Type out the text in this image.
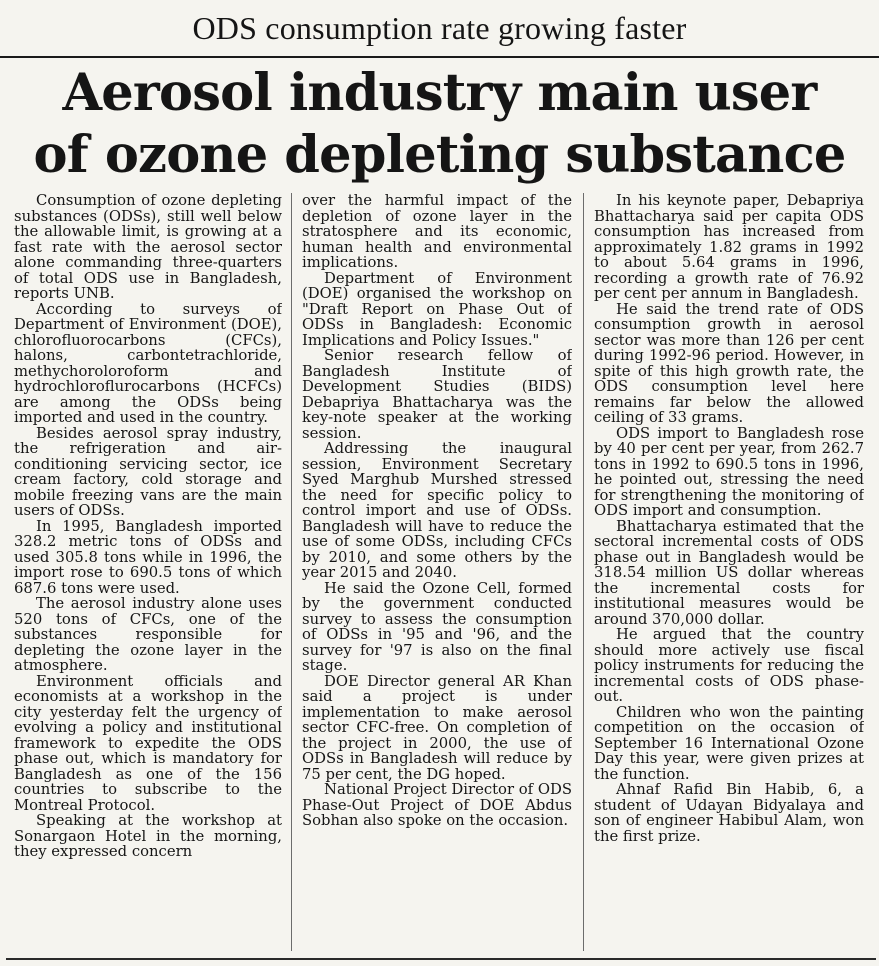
ODS consumption rate growing faster
Aerosol industry main user
of ozone depleting substance

Consumption of ozone depleting substances (ODSs), still well below the allowable limit, is growing at a fast rate with the aerosol sector alone commanding three-quarters of total ODS use in Bangladesh, reports UNB.

According to surveys of Department of Environment (DOE), chlorofluorocarbons (CFCs), halons, carbontetrachloride, methychoroloroform and hydrochloroflurocarbons (HCFCs) are among the ODSs being imported and used in the country.

Besides aerosol spray industry, the refrigeration and air-conditioning servicing sector, ice cream factory, cold storage and mobile freezing vans are the main users of ODSs.

In 1995, Bangladesh imported 328.2 metric tons of ODSs and used 305.8 tons while in 1996, the import rose to 690.5 tons of which 687.6 tons were used.

The aerosol industry alone uses 520 tons of CFCs, one of the substances responsible for depleting the ozone layer in the atmosphere.

Environment officials and economists at a workshop in the city yesterday felt the urgency of evolving a policy and institutional framework to expedite the ODS phase out, which is mandatory for Bangladesh as one of the 156 countries to subscribe to the Montreal Protocol.

Speaking at the workshop at Sonargaon Hotel in the morning, they expressed concern

over the harmful impact of the depletion of ozone layer in the stratosphere and its economic, human health and environmental implications.

Department of Environment (DOE) organised the workshop on "Draft Report on Phase Out of ODSs in Bangladesh: Economic Implications and Policy Issues."

Senior research fellow of Bangladesh Institute of Development Studies (BIDS) Debapriya Bhattacharya was the key-note speaker at the working session.

Addressing the inaugural session, Environment Secretary Syed Marghub Murshed stressed the need for specific policy to control import and use of ODSs. Bangladesh will have to reduce the use of some ODSs, including CFCs by 2010, and some others by the year 2015 and 2040.

He said the Ozone Cell, formed by the government conducted survey to assess the consumption of ODSs in '95 and '96, and the survey for '97 is also on the final stage.

DOE Director general AR Khan said a project is under implementation to make aerosol sector CFC-free. On completion of the project in 2000, the use of ODSs in Bangladesh will reduce by 75 per cent, the DG hoped.

National Project Director of ODS Phase-Out Project of DOE Abdus Sobhan also spoke on the occasion.

In his keynote paper, Debapriya Bhattacharya said per capita ODS consumption has increased from approximately 1.82 grams in 1992 to about 5.64 grams in 1996, recording a growth rate of 76.92 per cent per annum in Bangladesh.

He said the trend rate of ODS consumption growth in aerosol sector was more than 126 per cent during 1992-96 period. However, in spite of this high growth rate, the ODS consumption level here remains far below the allowed ceiling of 33 grams.

ODS import to Bangladesh rose by 40 per cent per year, from 262.7 tons in 1992 to 690.5 tons in 1996, he pointed out, stressing the need for strengthening the monitoring of ODS import and consumption.

Bhattacharya estimated that the sectoral incremental costs of ODS phase out in Bangladesh would be 318.54 million US dollar whereas the incremental costs for institutional measures would be around 370,000 dollar.

He argued that the country should more actively use fiscal policy instruments for reducing the incremental costs of ODS phase-out.

Children who won the painting competition on the occasion of September 16 International Ozone Day this year, were given prizes at the function.

Ahnaf Rafid Bin Habib, 6, a student of Udayan Bidyalaya and son of engineer Habibul Alam, won the first prize.
